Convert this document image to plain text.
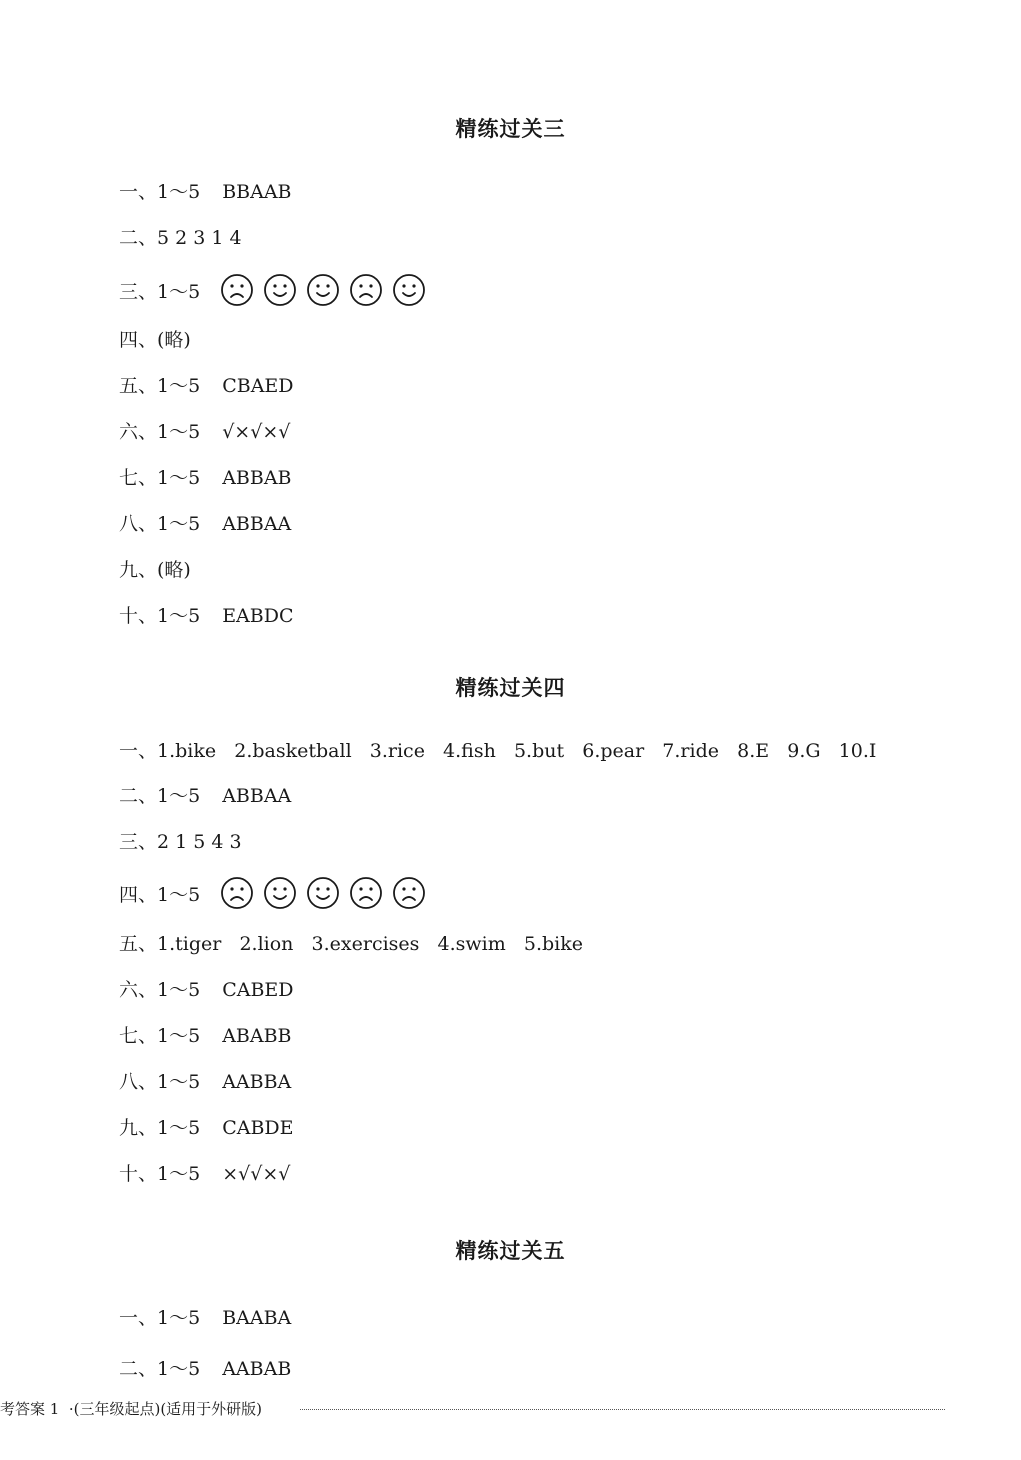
精练过关三
一、1～5 BBAAB
二、5 2 3 1 4
三、1～5
四、(略)
五、1～5 CBAED
六、1～5 √×√×√
七、1～5 ABBAB
八、1～5 ABBAA
九、(略)
十、1～5 EABDC
精练过关四
一、1.bike   2.basketball   3.rice   4.fish   5.but   6.pear   7.ride   8.E   9.G   10.I
二、1～5 ABBAA
三、2 1 5 4 3
四、1～5
五、1.tiger   2.lion   3.exercises   4.swim   5.bike
六、1～5 CABED
七、1～5 ABABB
八、1～5 AABBA
九、1～5 CABDE
十、1～5 ×√√×√
精练过关五
一、1～5 BAABA
二、1～5 AABAB

考答案 1  ·(三年级起点)(适用于外研版)
